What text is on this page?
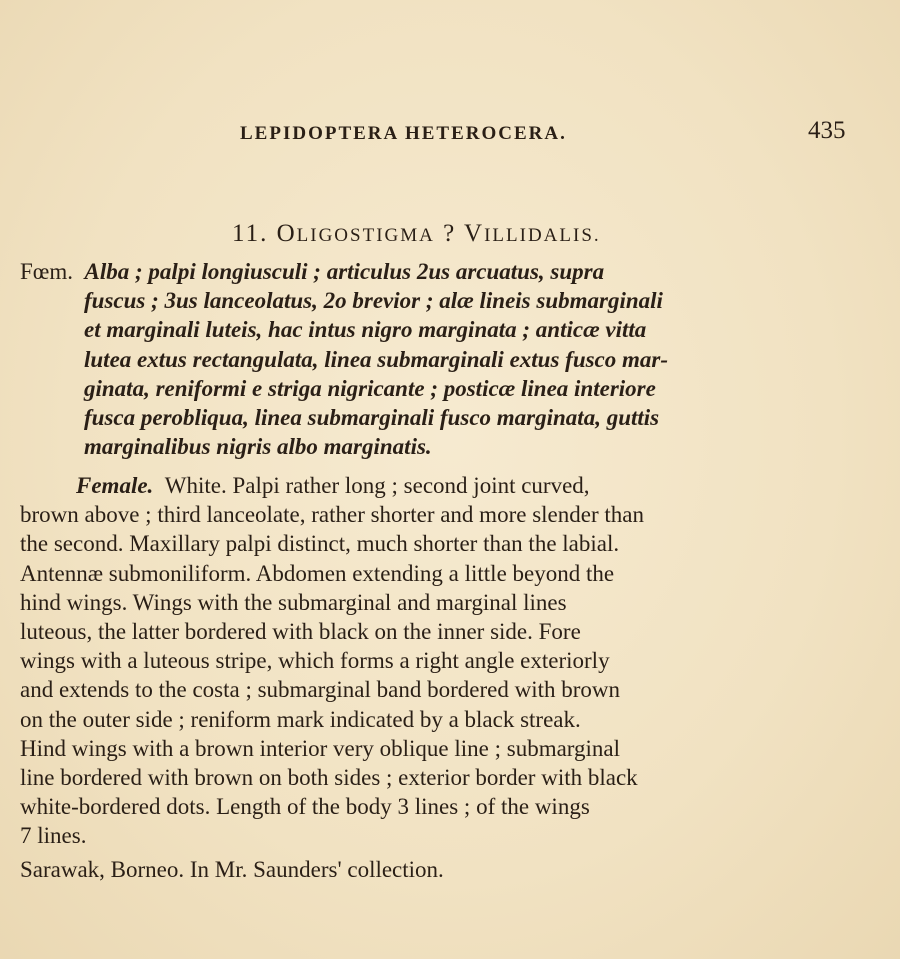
LEPIDOPTERA HETEROCERA.	435
11. OLIGOSTIGMA ? VILLIDALIS.
Fœm. Alba ; palpi longiusculi ; articulus 2us arcuatus, supra
fuscus ; 3us lanceolatus, 2o brevior ; alæ lineis submarginali
et marginali luteis, hac intus nigro marginata ; anticæ vitta
lutea extus rectangulata, linea submarginali extus fusco mar-
ginata, reniformi e striga nigricante ; posticæ linea interiore
fusca perobliqua, linea submarginali fusco marginata, guttis
marginalibus nigris albo marginatis.
Female. White. Palpi rather long ; second joint curved,
brown above ; third lanceolate, rather shorter and more slender than
the second. Maxillary palpi distinct, much shorter than the labial.
Antennæ submoniliform. Abdomen extending a little beyond the
hind wings. Wings with the submarginal and marginal lines
luteous, the latter bordered with black on the inner side. Fore
wings with a luteous stripe, which forms a right angle exteriorly
and extends to the costa ; submarginal band bordered with brown
on the outer side ; reniform mark indicated by a black streak.
Hind wings with a brown interior very oblique line ; submarginal
line bordered with brown on both sides ; exterior border with black
white-bordered dots. Length of the body 3 lines ; of the wings
7 lines.
Sarawak, Borneo. In Mr. Saunders' collection.
